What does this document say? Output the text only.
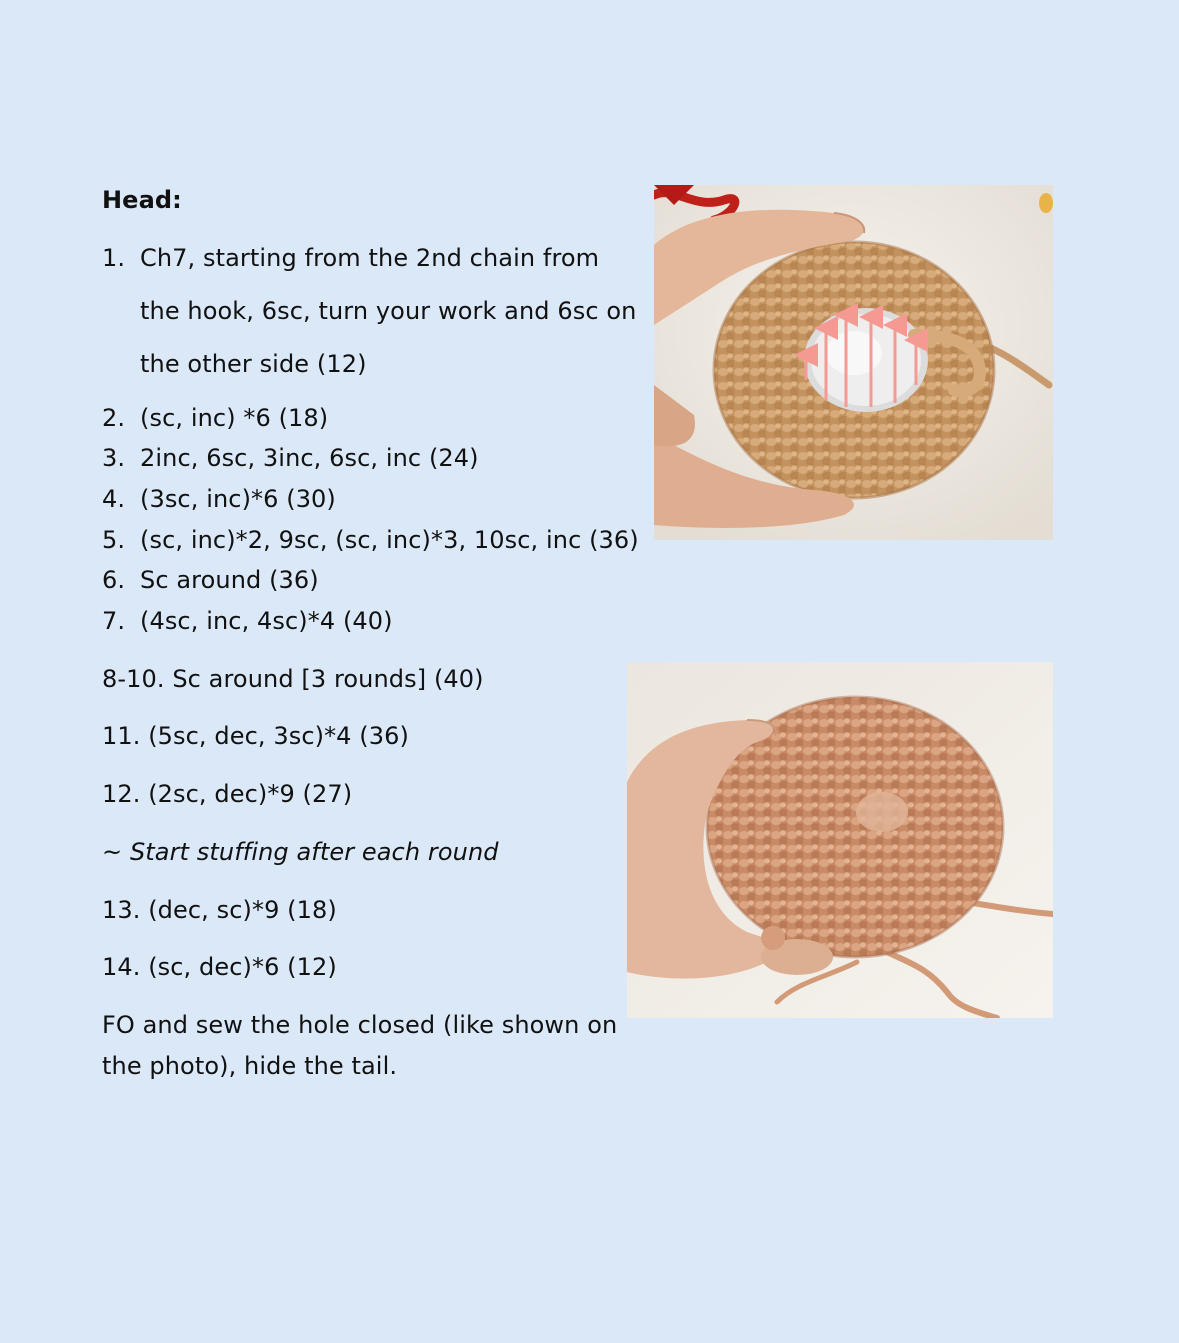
Head:
1. Ch7, starting from the 2nd chain from
the hook, 6sc, turn your work and 6sc on
the other side (12)
2. (sc, inc) *6 (18)
3. 2inc, 6sc, 3inc, 6sc, inc (24)
4. (3sc, inc)*6 (30)
5. (sc, inc)*2, 9sc, (sc, inc)*3, 10sc, inc (36)
6. Sc around (36)
7. (4sc, inc, 4sc)*4 (40)
8-10. Sc around [3 rounds] (40)
11. (5sc, dec, 3sc)*4 (36)
12. (2sc, dec)*9 (27)
~ Start stuffing after each round
13. (dec, sc)*9 (18)
14. (sc, dec)*6 (12)
FO and sew the hole closed (like shown on
the photo), hide the tail.
